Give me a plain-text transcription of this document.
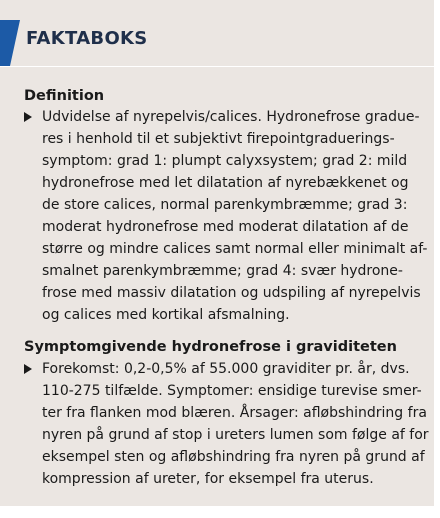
FAKTABOKS
Definition
Udvidelse af nyrepelvis/calices. Hydronefrose gradue-
res i henhold til et subjektivt firepointgraduerings-
symptom: grad 1: plumpt calyxsystem; grad 2: mild
hydronefrose med let dilatation af nyrebækkenet og
de store calices, normal parenkymbræmme; grad 3:
moderat hydronefrose med moderat dilatation af de
større og mindre calices samt normal eller minimalt af-
smalnet parenkymbræmme; grad 4: svær hydrone-
frose med massiv dilatation og udspiling af nyrepelvis
og calices med kortikal afsmalning.
Symptomgivende hydronefrose i graviditeten
Forekomst: 0,2-0,5% af 55.000 graviditer pr. år, dvs.
110-275 tilfælde. Symptomer: ensidige turevise smer-
ter fra flanken mod blæren. Årsager: afløbshindring fra
nyren på grund af stop i ureters lumen som følge af for
eksempel sten og afløbshindring fra nyren på grund af
kompression af ureter, for eksempel fra uterus.
